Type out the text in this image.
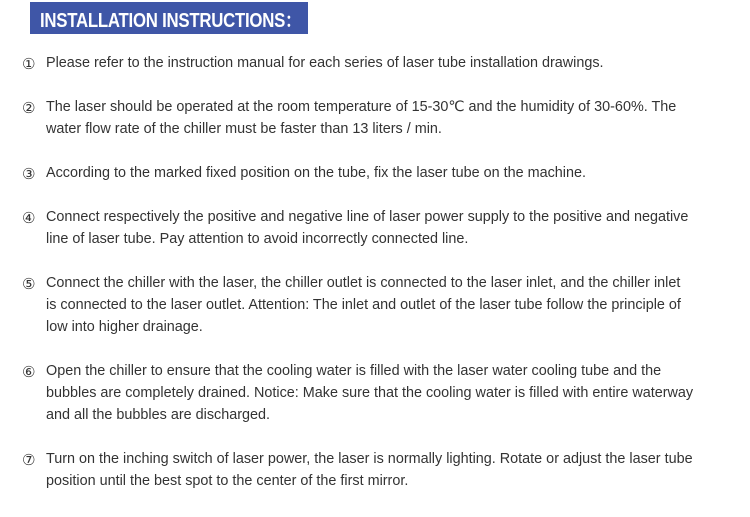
INSTALLATION INSTRUCTIONS：
① Please refer to the instruction manual for each series of laser tube installation drawings.
② The laser should be operated at the room temperature of 15-30℃ and the humidity of 30-60%. The
water flow rate of the chiller must be faster than 13 liters / min.
③ According to the marked fixed position on the tube, fix the laser tube on the machine.
④ Connect respectively the positive and negative line of laser power supply to the positive and negative
line of laser tube. Pay attention to avoid incorrectly connected line.
⑤ Connect the chiller with the laser, the chiller outlet is connected to the laser inlet, and the chiller inlet
is connected to the laser outlet. Attention: The inlet and outlet of the laser tube follow the principle of
low into higher drainage.
⑥ Open the chiller to ensure that the cooling water is filled with the laser water cooling tube and the
bubbles are completely drained. Notice: Make sure that the cooling water is filled with entire waterway
and all the bubbles are discharged.
⑦ Turn on the inching switch of laser power, the laser is normally lighting. Rotate or adjust the laser tube
position until the best spot to the center of the first mirror.
